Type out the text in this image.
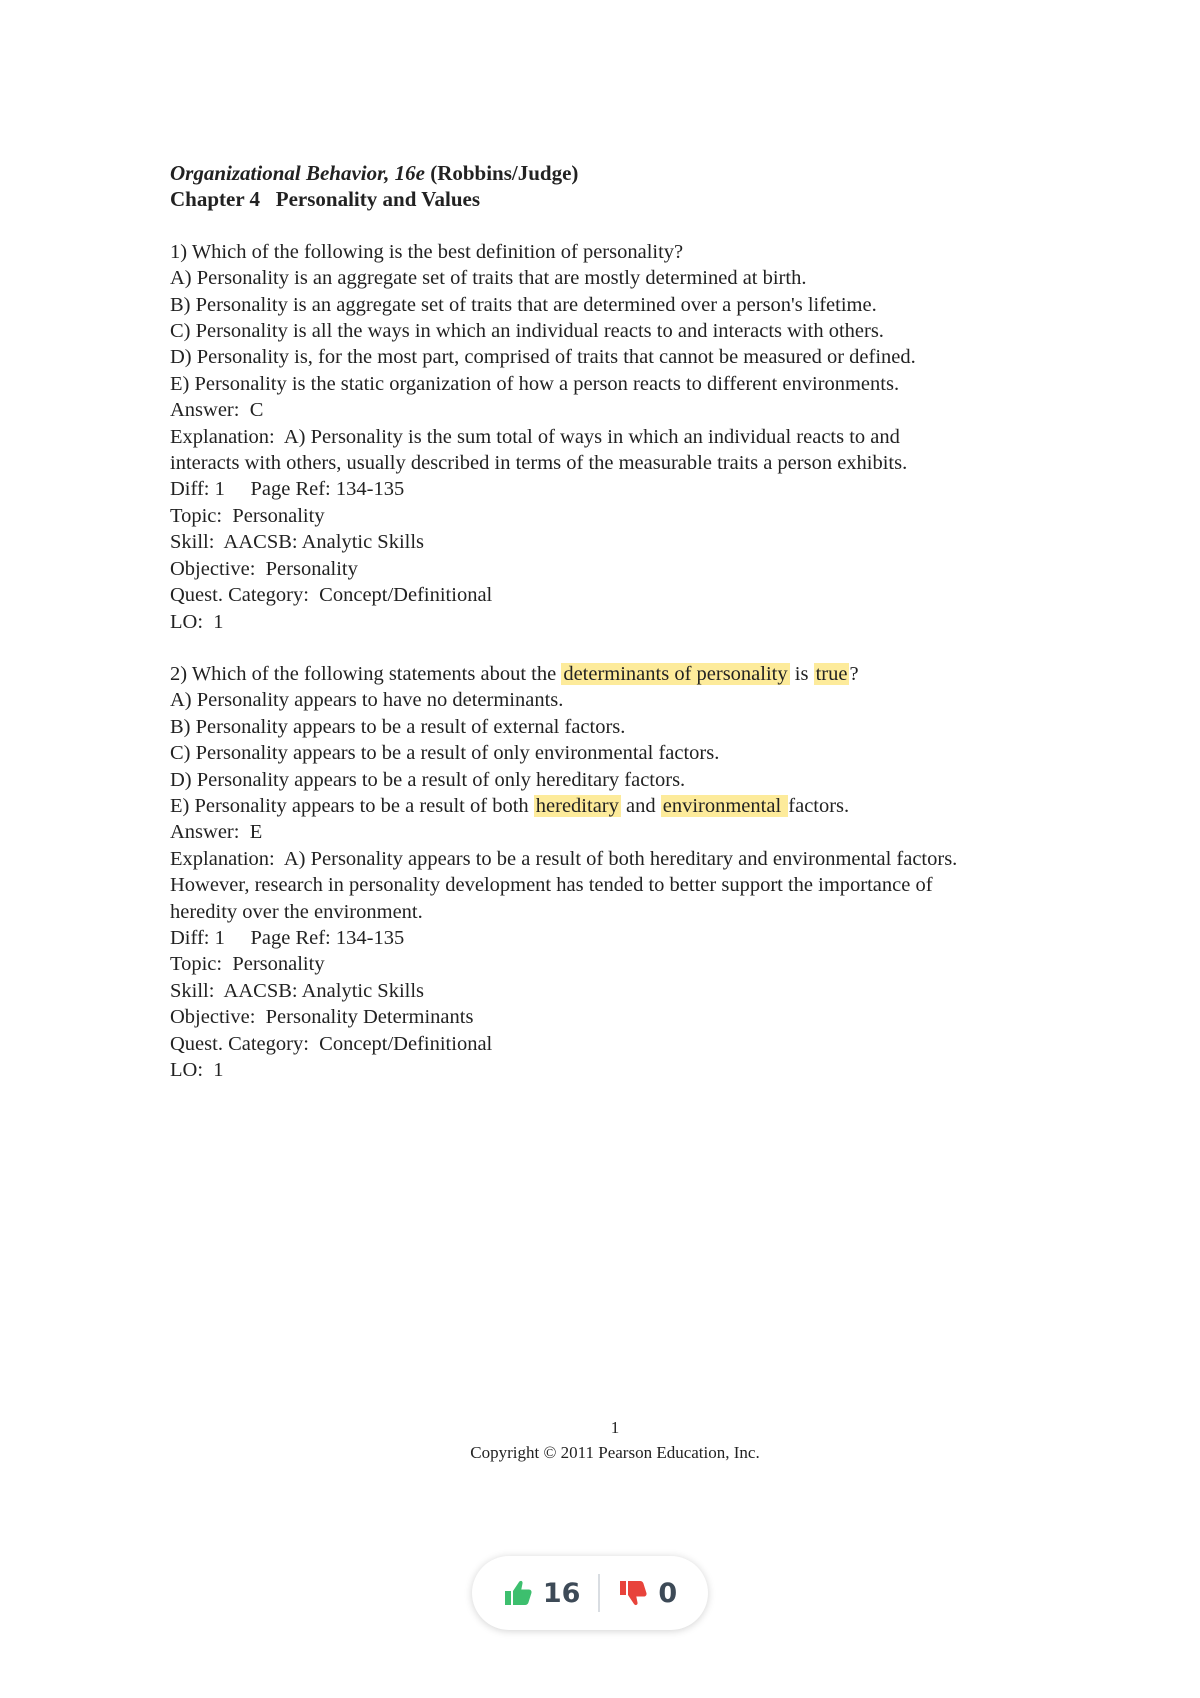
Organizational Behavior, 16e (Robbins/Judge)
Chapter 4   Personality and Values
1) Which of the following is the best definition of personality?
A) Personality is an aggregate set of traits that are mostly determined at birth.
B) Personality is an aggregate set of traits that are determined over a person's lifetime.
C) Personality is all the ways in which an individual reacts to and interacts with others.
D) Personality is, for the most part, comprised of traits that cannot be measured or defined.
E) Personality is the static organization of how a person reacts to different environments.
Answer:  C
Explanation:  A) Personality is the sum total of ways in which an individual reacts to and
interacts with others, usually described in terms of the measurable traits a person exhibits.
Diff: 1     Page Ref: 134-135
Topic:  Personality
Skill:  AACSB: Analytic Skills
Objective:  Personality
Quest. Category:  Concept/Definitional
LO:  1
2) Which of the following statements about the determinants of personality is true?
A) Personality appears to have no determinants.
B) Personality appears to be a result of external factors.
C) Personality appears to be a result of only environmental factors.
D) Personality appears to be a result of only hereditary factors.
E) Personality appears to be a result of both hereditary and environmental factors.
Answer:  E
Explanation:  A) Personality appears to be a result of both hereditary and environmental factors.
However, research in personality development has tended to better support the importance of
heredity over the environment.
Diff: 1     Page Ref: 134-135
Topic:  Personality
Skill:  AACSB: Analytic Skills
Objective:  Personality Determinants
Quest. Category:  Concept/Definitional
LO:  1
1
Copyright © 2011 Pearson Education, Inc.
16	0
